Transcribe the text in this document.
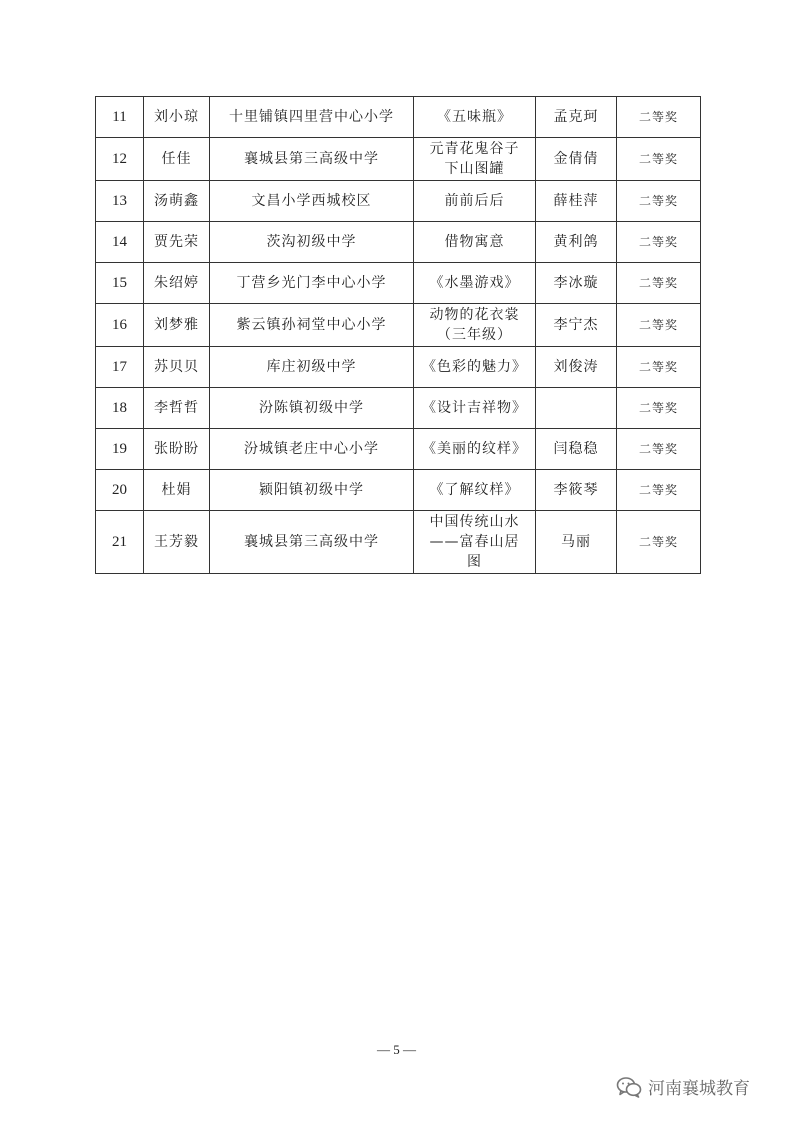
11	刘小琼	十里铺镇四里营中心小学	《五味瓶》	孟克珂	二等奖
12	任佳	襄城县第三高级中学	元青花鬼谷子
下山图罐	金倩倩	二等奖
13	汤萌鑫	文昌小学西城校区	前前后后	薛桂萍	二等奖
14	贾先荣	茨沟初级中学	借物寓意	黄利鸽	二等奖
15	朱绍婷	丁营乡光门李中心小学	《水墨游戏》	李冰璇	二等奖
16	刘梦雅	紫云镇孙祠堂中心小学	动物的花衣裳
（三年级）	李宁杰	二等奖
17	苏贝贝	库庄初级中学	《色彩的魅力》	刘俊涛	二等奖
18	李哲哲	汾陈镇初级中学	《设计吉祥物》		二等奖
19	张盼盼	汾城镇老庄中心小学	《美丽的纹样》	闫稳稳	二等奖
20	杜娟	颍阳镇初级中学	《了解纹样》	李筱琴	二等奖
21	王芳毅	襄城县第三高级中学	中国传统山水
——富春山居
图	马丽	二等奖
— 5 —
河南襄城教育
